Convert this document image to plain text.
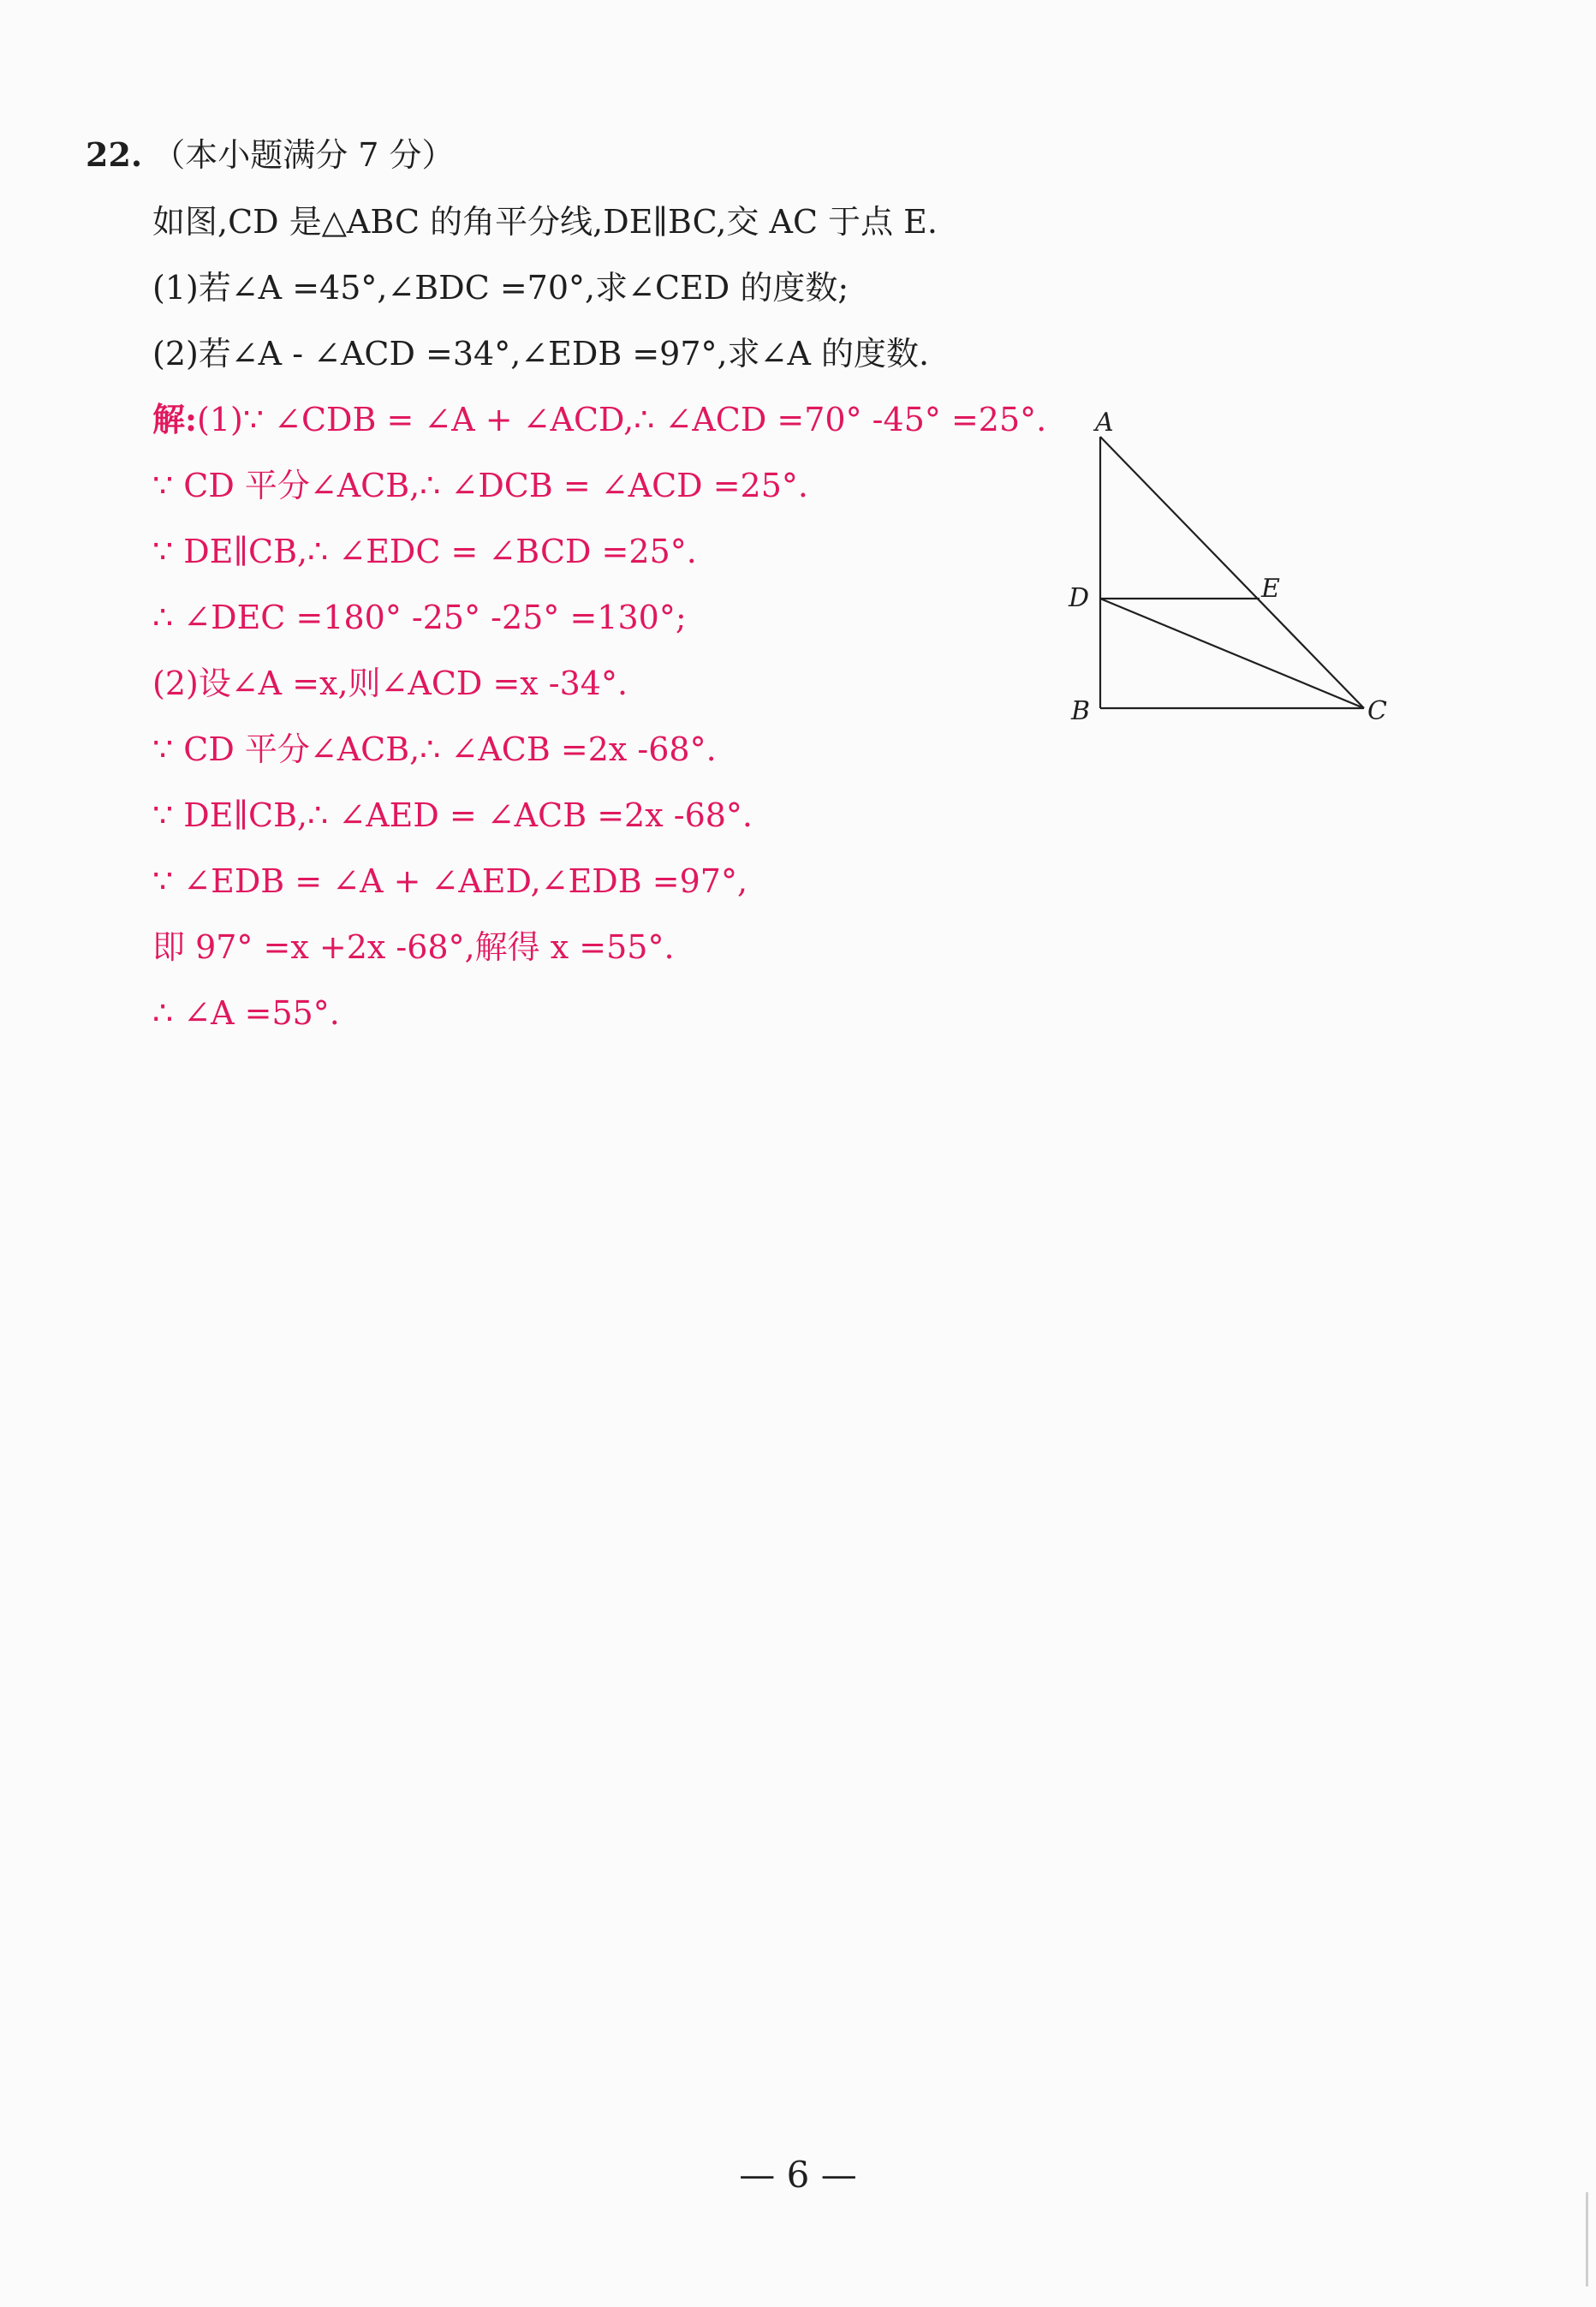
22. （本小题满分 7 分）
如图,CD 是△ABC 的角平分线,DE∥BC,交 AC 于点 E.
(1)若∠A =45°,∠BDC =70°,求∠CED 的度数;
(2)若∠A - ∠ACD =34°,∠EDB =97°,求∠A 的度数.
解:(1)∵ ∠CDB = ∠A + ∠ACD,∴ ∠ACD =70° -45° =25°.
∵ CD 平分∠ACB,∴ ∠DCB = ∠ACD =25°.
∵ DE∥CB,∴ ∠EDC = ∠BCD =25°.
∴ ∠DEC =180° -25° -25° =130°;
(2)设∠A =x,则∠ACD =x -34°.
∵ CD 平分∠ACB,∴ ∠ACB =2x -68°.
∵ DE∥CB,∴ ∠AED = ∠ACB =2x -68°.
∵ ∠EDB = ∠A + ∠AED,∠EDB =97°,
即 97° =x +2x -68°,解得 x =55°.
∴ ∠A =55°.
A
D	E
B	C
— 6 —
